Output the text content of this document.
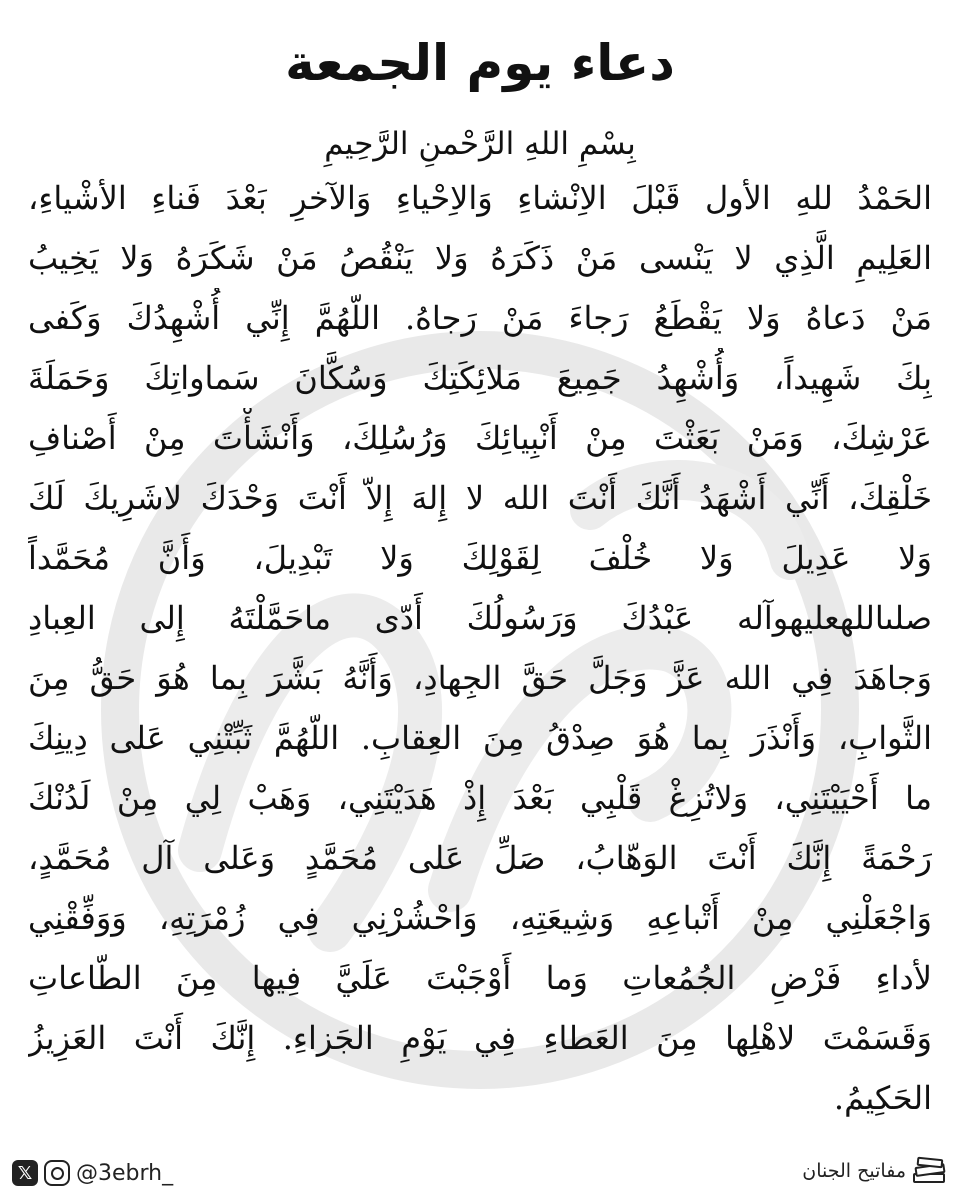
دعاء يوم الجمعة
بِسْمِ اللهِ الرَّحْمنِ الرَّحِيمِ
الحَمْدُ للهِ الأول قَبْلَ الاِنْشاءِ وَالاِحْياءِ وَالآخرِ بَعْدَ فَناءِ الأشْياءِ،
العَلِيمِ الَّذِي لا يَنْسى مَنْ ذَكَرَهُ وَلا يَنْقُصُ مَنْ شَكَرَهُ وَلا يَخِيبُ
مَنْ دَعاهُ وَلا يَقْطَعُ رَجاءَ مَنْ رَجاهُ. اللّهُمَّ إِنِّي أُشْهِدُكَ وَكَفى
بِكَ شَهِيداً، وَأُشْهِدُ جَمِيعَ مَلائِكَتِكَ وَسُكَّانَ سَماواتِكَ وَحَمَلَةَ
عَرْشِكَ، وَمَنْ بَعَثْتَ مِنْ أَنْبِيائِكَ وَرُسُلِكَ، وَأَنْشَأْتَ مِنْ أَصْنافِ
خَلْقِكَ، أَنِّي أَشْهَدُ أَنَّكَ أَنْتَ الله لا إِلهَ إِلاّ أَنْتَ وَحْدَكَ لاشَرِيكَ لَكَ
وَلا عَدِيلَ وَلا خُلْفَ لِقَوْلِكَ وَلا تَبْدِيلَ، وَأَنَّ مُحَمَّداً
صلىاللهعليهوآله عَبْدُكَ وَرَسُولُكَ أَدّى ماحَمَّلْتَهُ إِلى العِبادِ
وَجاهَدَ فِي الله عَزَّ وَجَلَّ حَقَّ الجِهادِ، وَأَنَّهُ بَشَّرَ بِما هُوَ حَقُّ مِنَ
الثَّوابِ، وَأَنْذَرَ بِما هُوَ صِدْقُ مِنَ العِقابِ. اللّهُمَّ ثَبِّتْنِي عَلى دِينِكَ
ما أَحْيَيْتَنِي، وَلاتُزِغْ قَلْبِي بَعْدَ إِذْ هَدَيْتَنِي، وَهَبْ لِي مِنْ لَدُنْكَ
رَحْمَةً إِنَّكَ أَنْتَ الوَهّابُ، صَلِّ عَلى مُحَمَّدٍ وَعَلى آل مُحَمَّدٍ،
وَاجْعَلْنِي مِنْ أَتْباعِهِ وَشِيعَتِهِ، وَاحْشُرْنِي فِي زُمْرَتِهِ، وَوَفِّقْنِي
لأداءِ فَرْضِ الجُمُعاتِ وَما أَوْجَبْتَ عَلَيَّ فِيها مِنَ الطّاعاتِ
وَقَسَمْتَ لاهْلِها مِنَ العَطاءِ فِي يَوْمِ الجَزاءِ. إِنَّكَ أَنْتَ العَزِيزُ
الحَكِيمُ.
𝕏 @3ebrh_	مفاتيح الجنان
